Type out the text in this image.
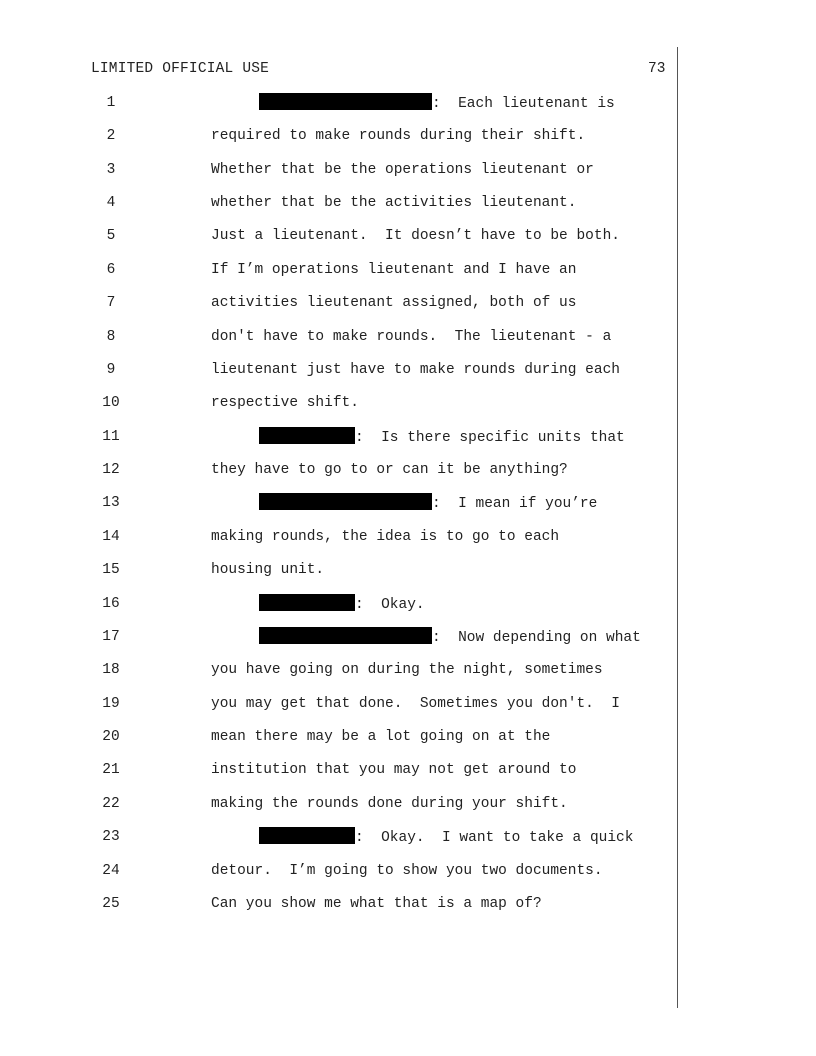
LIMITED OFFICIAL USE	73
1	:  Each lieutenant is
2	required to make rounds during their shift.
3	Whether that be the operations lieutenant or
4	whether that be the activities lieutenant.
5	Just a lieutenant.  It doesn’t have to be both.
6	If I’m operations lieutenant and I have an
7	activities lieutenant assigned, both of us
8	don't have to make rounds.  The lieutenant - a
9	lieutenant just have to make rounds during each
10	respective shift.
11	:  Is there specific units that
12	they have to go to or can it be anything?
13	:  I mean if you’re
14	making rounds, the idea is to go to each
15	housing unit.
16	:  Okay.
17	:  Now depending on what
18	you have going on during the night, sometimes
19	you may get that done.  Sometimes you don't.  I
20	mean there may be a lot going on at the
21	institution that you may not get around to
22	making the rounds done during your shift.
23	:  Okay.  I want to take a quick
24	detour.  I’m going to show you two documents.
25	Can you show me what that is a map of?
